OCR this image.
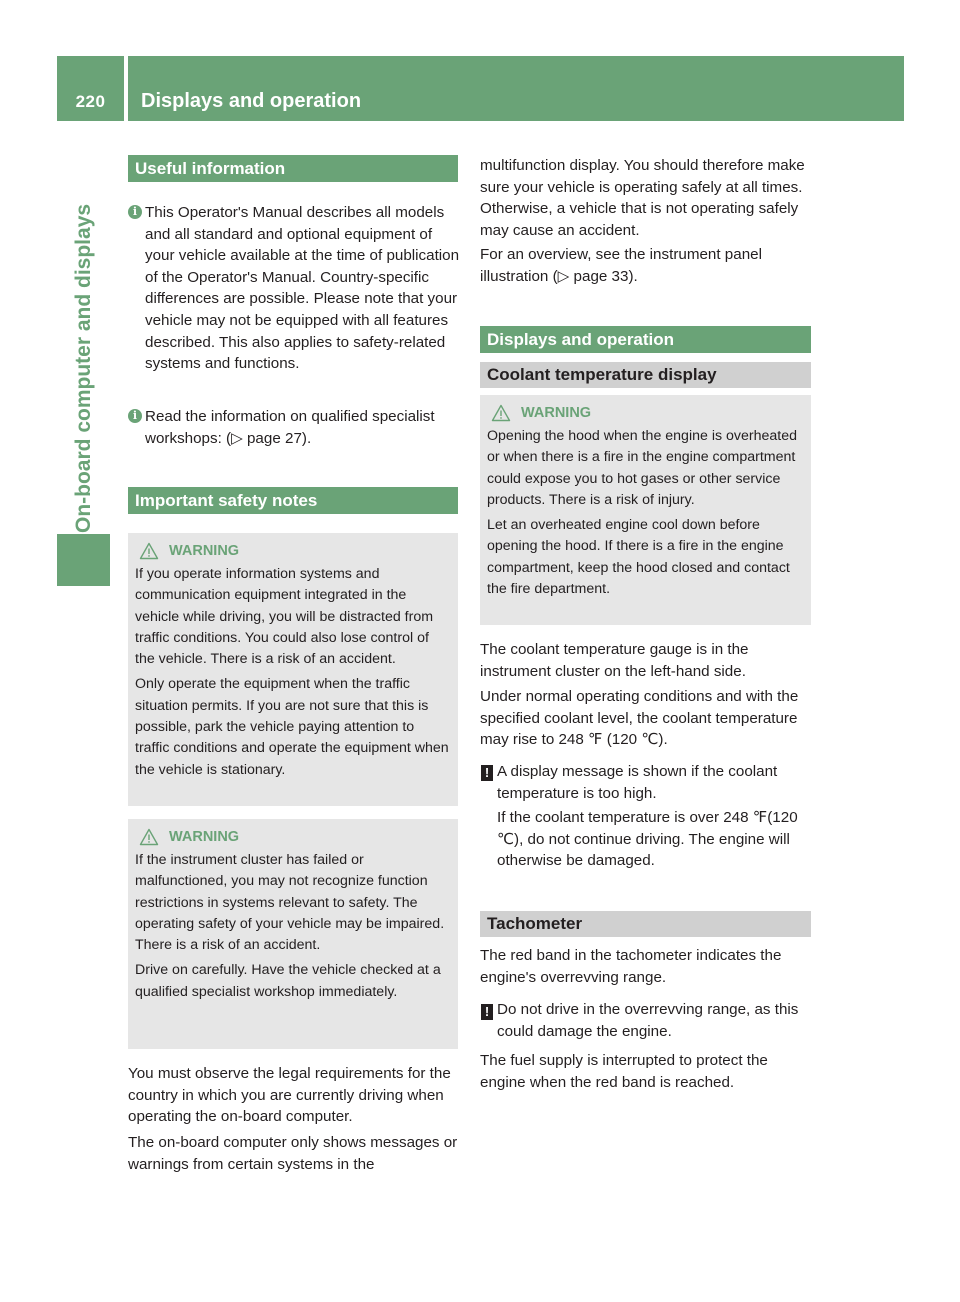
220	Displays and operation
On-board computer and displays
Useful information
i This Operator's Manual describes all models and all standard and optional equipment of your vehicle available at the time of publication of the Operator's Manual. Country-specific differences are possible. Please note that your vehicle may not be equipped with all features described. This also applies to safety-related systems and functions.
i Read the information on qualified specialist workshops: (▷ page 27).
Important safety notes
WARNING

If you operate information systems and communication equipment integrated in the vehicle while driving, you will be distracted from traffic conditions. You could also lose control of the vehicle. There is a risk of an accident.

Only operate the equipment when the traffic situation permits. If you are not sure that this is possible, park the vehicle paying attention to traffic conditions and operate the equipment when the vehicle is stationary.

WARNING

If the instrument cluster has failed or malfunctioned, you may not recognize function restrictions in systems relevant to safety. The operating safety of your vehicle may be impaired. There is a risk of an accident.

Drive on carefully. Have the vehicle checked at a qualified specialist workshop immediately.

You must observe the legal requirements for the country in which you are currently driving when operating the on-board computer.
The on-board computer only shows messages or warnings from certain systems in the
multifunction display. You should therefore make sure your vehicle is operating safely at all times. Otherwise, a vehicle that is not operating safely may cause an accident.
For an overview, see the instrument panel illustration (▷ page 33).
Displays and operation
Coolant temperature display
WARNING

Opening the hood when the engine is overheated or when there is a fire in the engine compartment could expose you to hot gases or other service products. There is a risk of injury.

Let an overheated engine cool down before opening the hood. If there is a fire in the engine compartment, keep the hood closed and contact the fire department.

The coolant temperature gauge is in the instrument cluster on the left-hand side.
Under normal operating conditions and with the specified coolant level, the coolant temperature may rise to 248 ℉ (120 ℃).
! A display message is shown if the coolant temperature is too high.
If the coolant temperature is over 248 ℉(120 ℃), do not continue driving. The engine will otherwise be damaged.
Tachometer
The red band in the tachometer indicates the engine's overrevving range.
! Do not drive in the overrevving range, as this could damage the engine.
The fuel supply is interrupted to protect the engine when the red band is reached.
